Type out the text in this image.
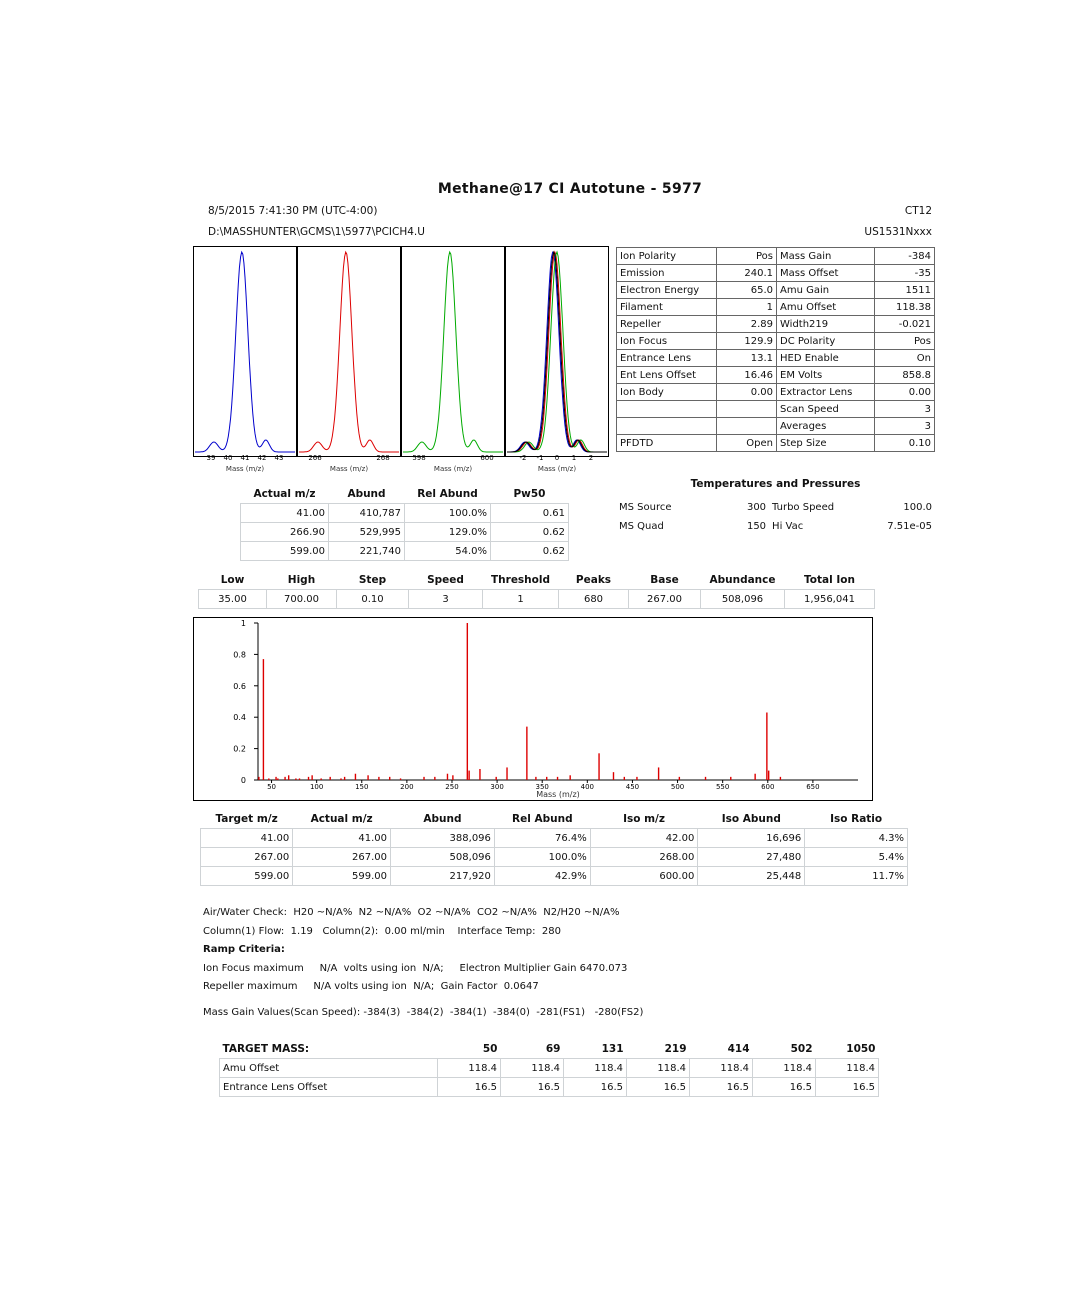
Methane@17 CI Autotune - 5977
8/5/2015 7:41:30 PM (UTC-4:00)
D:\MASSHUNTER\GCMS\1\5977\PCICH4.U
CT12
US1531Nxxx
39 40 41 42 43
Mass (m/z)
266	268
Mass (m/z)
598	600
Mass (m/z)
-2 -1 0 1 2
Mass (m/z)
Ion Polarity	Pos	Mass Gain	-384
Emission	240.1	Mass Offset	-35
Electron Energy	65.0	Amu Gain	1511
Filament	1	Amu Offset	118.38
Repeller	2.89	Width219	-0.021
Ion Focus	129.9	DC Polarity	Pos
Entrance Lens	13.1	HED Enable	On
Ent Lens Offset	16.46	EM Volts	858.8
Ion Body	0.00	Extractor Lens	0.00
		Scan Speed	3
		Averages	3
PFDTD	Open	Step Size	0.10
Actual m/z	Abund	Rel Abund	Pw50
41.00	410,787	100.0%	0.61
266.90	529,995	129.0%	0.62
599.00	221,740	54.0%	0.62
Temperatures and Pressures
MS Source	300	Turbo Speed	100.0
MS Quad	150	Hi Vac	7.51e-05
Low	High	Step	Speed	Threshold	Peaks	Base	Abundance	Total Ion
35.00	700.00	0.10	3	1	680	267.00	508,096	1,956,041
0
0.2
0.4
0.6
0.8
1
50	100	150	200	250	300	350	400	450	500	550	600	650
Mass (m/z)
Target m/z	Actual m/z	Abund	Rel Abund	Iso m/z	Iso Abund	Iso Ratio
41.00	41.00	388,096	76.4%	42.00	16,696	4.3%
267.00	267.00	508,096	100.0%	268.00	27,480	5.4%
599.00	599.00	217,920	42.9%	600.00	25,448	11.7%
Air/Water Check:  H20 ~N/A%  N2 ~N/A%  O2 ~N/A%  CO2 ~N/A%  N2/H20 ~N/A%
Column(1) Flow:  1.19   Column(2):  0.00 ml/min    Interface Temp:  280
Ramp Criteria:
Ion Focus maximum     N/A  volts using ion  N/A;     Electron Multiplier Gain 6470.073
Repeller maximum     N/A volts using ion  N/A;  Gain Factor  0.0647
Mass Gain Values(Scan Speed): -384(3)  -384(2)  -384(1)  -384(0)  -281(FS1)   -280(FS2)
TARGET MASS:	50	69	131	219	414	502	1050
Amu Offset	118.4	118.4	118.4	118.4	118.4	118.4	118.4
Entrance Lens Offset	16.5	16.5	16.5	16.5	16.5	16.5	16.5
